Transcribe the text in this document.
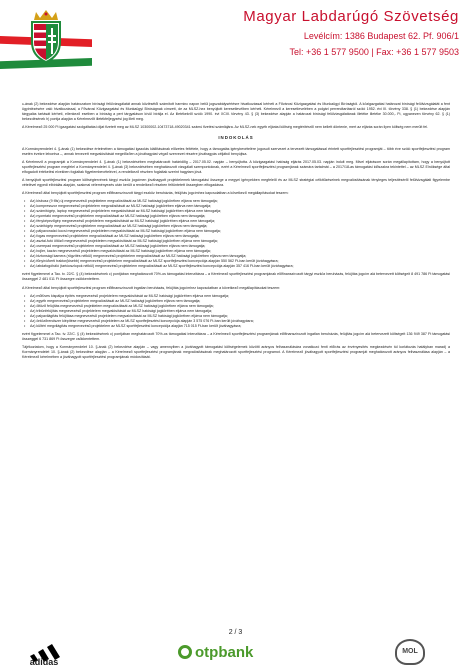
Magyar Labdarúgó Szövetség
Levélcím: 1386 Budapest 62. Pf. 906/1
Tel: +36 1 577 9500 | Fax: +36 1 577 9503

ᴀ-ának (2) bekezdése alapján határozatom bírósági felülvizsgálatát annak közlésétől számított harminc napon belül jogszabálysértésre hivatkozással kérheti a Fővárosi Közigazgatási és Munkaügyi Bíróságtól. A közigazgatási határozat bírósági felülvizsgálatát a fent ügyintézésére való hivatkozással, a Fővárosi Közigazgatási és Munkaügyi Bíróságnak címzett, de az MLSZ-hez benyújtott keresetlevélben kérheti. Kérelmező a keresetlevelében a polgári perrendtartásról szóló 1952. évi III. törvény 338. § (1) bekezdése alapján tárgyalás tartását kérheti, ellenkező esetben a bíróság a pert tárgyaláson kívül bírálja el. Az illetékekről szóló 1990. évi XCIII. törvény 43. § (3) bekezdése alapján a határozat bírósági felülvizsgálatának illetéke illetéke 30.000,- Ft, ugyanezen törvény 62. § (1) bekezdésének h) pontja alapján a Kérelmezőt illetékfeljegyzési jog illeti meg.

A Kérelmező 25 000 Ft igazgatási szolgáltatási díjat fizetett meg az MLSZ 10300002-10473718-49020341 számú fizetési számlájára. Az MLSZ-nek egyéb eljárási költség megtérítésről nem kellett döntenie, mert az eljárás során ilyen költség nem merült fel.

INDOKOLÁS

A Kormányrendelet 4. §-ának (1) bekezdése értelmében a támogatási igazolás kiállításának előzetes feltétele, hogy a támogatás igénybevételére jogosult szervezet a tervezett támogatással érintett sportfejlesztési programját – több éve szóló sportfejlesztési program esetén évekre lebontva –, annak tervezett megvalósítását megelőzően a jóváhagyást végző szervezet részére jóváhagyás céljából benyújtsa.

A Kérelmező a programját a Kormányrendelet 4. §-ának (1) bekezdésében meghatározott határidőig – 2017.05.02. napján – benyújtotta. A közigazgatási hatóság eljárás 2017.05.03. napján indult meg. Mivel eljárásom során megállapítottam, hogy a benyújtott sportfejlesztési program megfelel a Kormányrendelet 4. §-ának (3) bekezdésében meghatározott vizsgálati szempontoknak, ezért a Kérelmező sportfejlesztési programjának számára tartalmát – a 2017/18-as támogatási időszakra tekintettel – az MLSZ Elnöksége által elfogadott értékelési elvekben foglaltak figyelembevételével, a rendelkező részben foglaltak szerint hagytam jóvá.

A benyújtott sportfejlesztési program költségtervének tárgyi eszköz jogcímen jóváhagyott projektelemek támogatási összege a megyei igényekben megfelelő és az MLSZ stratégiai célkitűzéseinek megvalósításának tényleges teljesítéséről felülvizsgálati figyelembe vételével egyedi elbírálás alapján, szakmai véleményezés után került a rendelkező részben feltüntetett összegben elfogadásra.

A Kérelmező által benyújtott sportfejlesztési program előfinanszírozott tárgyi eszköz beruházás, felújítás jogcímhez kapcsolatban a következő megállapításokat teszem:

• Az) kisbusz (9 fős) új megnevezésű projektelem megvalósítását az MLSZ hatósági jogkörében eljárva nem támogatja;
• Az) kompresszor megnevezésű projektelem megvalósítását az MLSZ hatósági jogkörében eljárva nem támogatja;
• Az) számítógép, laptop megnevezésű projektelem megvalósítását az MLSZ hatósági jogkörében eljárva nem támogatja;
• Az) nyomtató megnevezésű projektelem megvalósítását az MLSZ hatósági jogkörében eljárva nem támogatja;
• Az) fényképezőgép megnevezésű projektelem megvalósítását az MLSZ hatósági jogkörében eljárva nem támogatja;
• Az) szárítógép megnevezésű projektelem megvalósítását az MLSZ hatósági jogkörében eljárva nem támogatja;
• Az) pályavonalzó kocsi megnevezésű projektelem megvalósítását az MLSZ hatósági jogkörében eljárva nem támogatja;
• Az) fogas megnevezésű projektelem megvalósítását az MLSZ hatósági jogkörében eljárva nem támogatja;
• Az) asztal-futó öltöző megnevezésű projektelem megvalósítását az MLSZ hatósági jogkörében eljárva nem támogatja;
• Az) cserepad megnevezésű projektelem megvalósítását az MLSZ hatósági jogkörében eljárva nem támogatja;
• Az) bojler, kazán megnevezésű projektelem megvalósítását az MLSZ hatósági jogkörében eljárva nem támogatja;
• Az) biztonsági kamera (rögzítés nélkül) megnevezésű projektelem megvalósítását az MLSZ hatósági jogkörében eljárva nem támogatja;
• Az) fűnyíró/kerti traktor(kisebb) megnevezésű projektelem megvalósítását az MLSZ sportfejlesztési koncepciója alapján 550 562 Ft-ban került jóváhagyásra;
• Az) labdafogóháló (tartóoszlopok nélkül) megnevezésű projektelem megvalósítását az MLSZ sportfejlesztési koncepciója alapján 357 416 Ft-ban került jóváhagyásra;

ezért figyelemmel a Tao. tv. 22/C. § (4) bekezdésének c) pontjában meghatározott 70%-os támogatási intenzitásra – a Kérelmező sportfejlesztési programjának előfinanszírozott tárgyi eszköz beruházás, felújítás jogcím alá betervezett költségeit 8 491 786 Ft támogatási összeggel 2 481 011 Ft összegre csökkentettem.

A Kérelmező által benyújtott sportfejlesztési program előfinanszírozott ingatlan beruházás, felújítás jogcímhez kapcsolatban a következő megállapításokat teszem:

• Az) műfüves kispálya építés megnevezésű projektelem megvalósítását az MLSZ hatósági jogkörében eljárva nem támogatja;
• Az) egyéb megnevezésű projektelem megvalósítását az MLSZ hatósági jogkörében eljárva nem támogatja;
• Az) öltöző felújítás megnevezésű projektelem megvalósítását az MLSZ hatósági jogkörében eljárva nem támogatja;
• Az) tribünfelújítás megnevezésű projektelem megvalósítását az MLSZ hatósági jogkörében eljárva nem támogatja;
• Az) palyavilágítás felújítása megnevezésű projektelem megvalósítását az MLSZ hatósági jogkörében eljárva nem támogatja;
• Az) öntözőrendszer kiépítése megnevezésű projektelem az MLSZ sportfejlesztési koncepciója alapján 3 575 076 Ft-ban került jóváhagyásra;
• Az) kültéri megvilágítás megnevezésű projektelem az MLSZ sportfejlesztési koncepciója alapján 715 015 Ft-ban került jóváhagyásra;

ezért figyelemmel a Tao. tv. 22/C. § (4) bekezdésének c) pontjában meghatározott 70%-os támogatási intenzitásra – a Kérelmező sportfejlesztési programjának előfinanszírozott ingatlan beruházás, felújítás jogcím alá betervezett költségeit 136 949 387 Ft támogatási összeggel 6 731 869 Ft összegre csökkentettem.

Tájékoztatom, hogy a Kormányrendelet 10. §-ának (2) bekezdése alapján – vagy amennyiben a jóváhagyott támogatási költségelemek közötti arányos felhasználására vonatkozó fenti előírás az érvényesítés megkezdésén túl korlátozás hatályban marad) a Kormányrendelet 10. §-ának (2) bekezdése alapján – a Kérelmező sportfejlesztési programjának megvalósításának meghatározott sportfejlesztési programot. A Kérelmező jóváhagyott sportfejlesztési programját meghatározott arányos felhasználása alapján – a Kérelmező kérelmében a jóváhagyott sportfejlesztési programjának módosítását.

2 / 3
adidas
otpbank	MOL
